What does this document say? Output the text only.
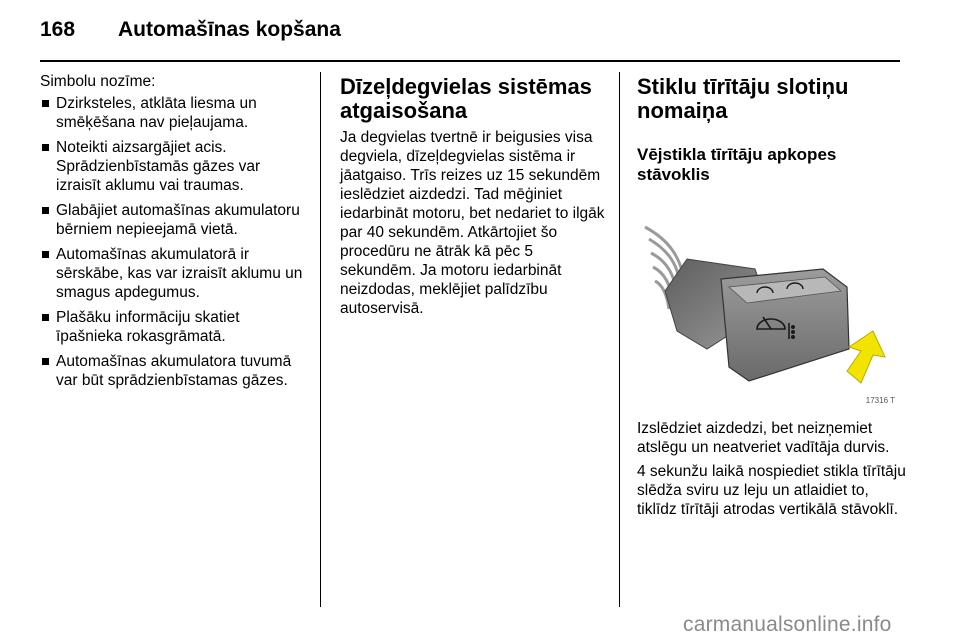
168	Automašīnas kopšana

Simbolu nozīme:

Dzirksteles, atklāta liesma un smēķēšana nav pieļaujama.
Noteikti aizsargājiet acis. Sprādzienbīstamās gāzes var izraisīt aklumu vai traumas.
Glabājiet automašīnas akumulatoru bērniem nepieejamā vietā.
Automašīnas akumulatorā ir sērskābe, kas var izraisīt aklumu un smagus apdegumus.
Plašāku informāciju skatiet īpašnieka rokasgrāmatā.
Automašīnas akumulatora tuvumā var būt sprādzienbīstamas gāzes.
Dīzeļdegvielas sistēmas atgaisošana

Ja degvielas tvertnē ir beigusies visa degviela, dīzeļdegvielas sistēma ir jāatgaiso. Trīs reizes uz 15 sekundēm ieslēdziet aizdedzi. Tad mēģiniet iedarbināt motoru, bet nedariet to ilgāk par 40 sekundēm. Atkārtojiet šo procedūru ne ātrāk kā pēc 5 sekundēm. Ja motoru iedarbināt neizdodas, meklējiet palīdzību autoservisā.

Stiklu tīrītāju slotiņu nomaiņa
Vējstikla tīrītāju apkopes stāvoklis
17316 T

Izslēdziet aizdedzi, bet neizņemiet atslēgu un neatveriet vadītāja durvis.

4 sekunžu laikā nospiediet stikla tīrītāju slēdža sviru uz leju un atlaidiet to, tiklīdz tīrītāji atrodas vertikālā stāvoklī.

carmanualsonline.info
